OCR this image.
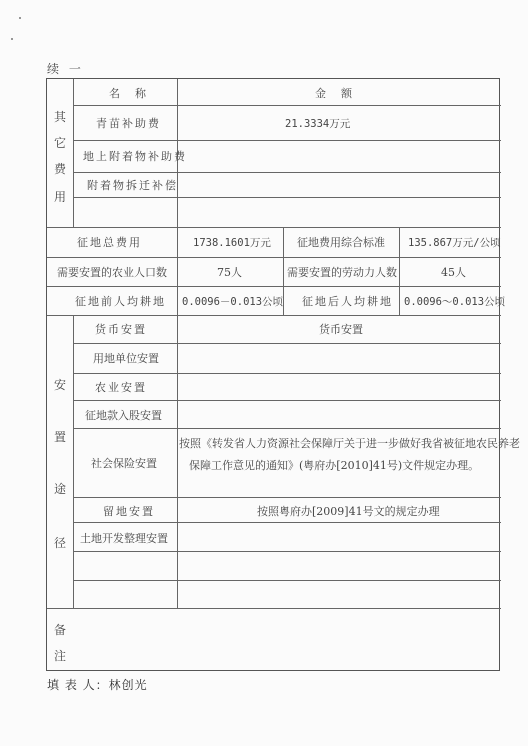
续 一
名　称	金　额
其
它
费
用
青苗补助费	21.3334万元
地上附着物补助费
附着物拆迁补偿
征地总费用	1738.1601万元 征地费用综合标准 135.867万元/公顷
需要安置的农业人口数	75人	需要安置的劳动力人数	45人
征地前人均耕地 0.0096－0.013公顷 征地后人均耕地 0.0096～0.013公顷
安
置
途
径
货币安置	货币安置
用地单位安置
农业安置
征地款入股安置
社会保险安置
按照《转发省人力资源社会保障厅关于进一步做好我省被征地农民养老
保障工作意见的通知》(粤府办[2010]41号)文件规定办理。
留地安置	按照粤府办[2009]41号文的规定办理
土地开发整理安置
备
注
填 表 人：林创光
